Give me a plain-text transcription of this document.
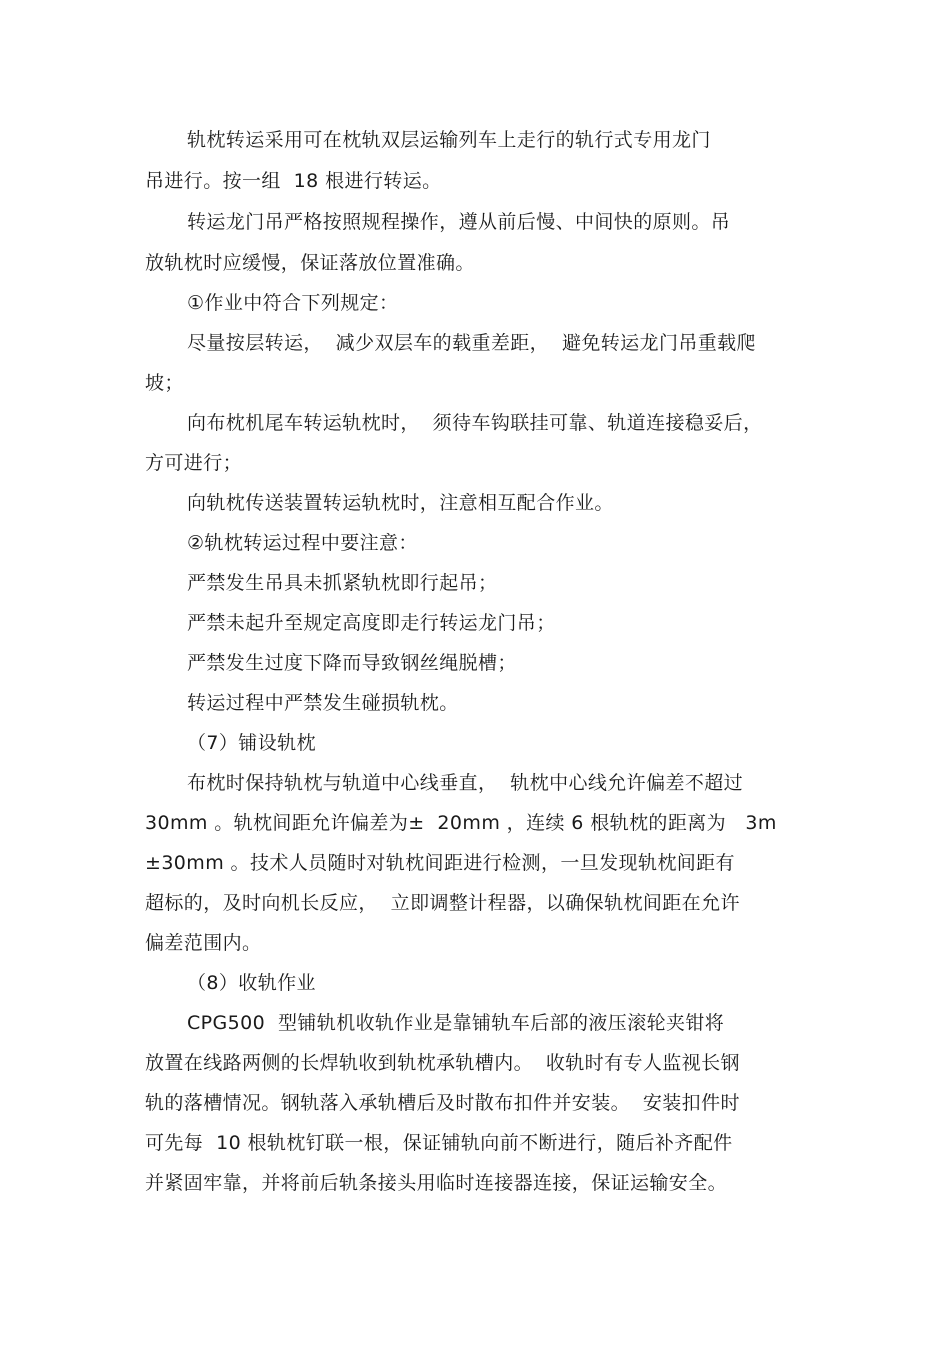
轨枕转运采用可在枕轨双层运输列车上走行的轨行式专用龙门
吊进行。按一组  18 根进行转运。
转运龙门吊严格按照规程操作，遵从前后慢、中间快的原则。吊
放轨枕时应缓慢，保证落放位置准确。
①作业中符合下列规定：
尽量按层转运，  减少双层车的载重差距，  避免转运龙门吊重载爬
坡；
向布枕机尾车转运轨枕时，  须待车钩联挂可靠、轨道连接稳妥后，
方可进行；
向轨枕传送装置转运轨枕时，注意相互配合作业。
②轨枕转运过程中要注意：
严禁发生吊具未抓紧轨枕即行起吊；
严禁未起升至规定高度即走行转运龙门吊；
严禁发生过度下降而导致钢丝绳脱槽；
转运过程中严禁发生碰损轨枕。
（7）铺设轨枕
布枕时保持轨枕与轨道中心线垂直，  轨枕中心线允许偏差不超过
30mm 。轨枕间距允许偏差为±  20mm ，连续 6 根轨枕的距离为   3m
±30mm 。技术人员随时对轨枕间距进行检测，一旦发现轨枕间距有
超标的，及时向机长反应，  立即调整计程器，以确保轨枕间距在允许
偏差范围内。
（8）收轨作业
CPG500  型铺轨机收轨作业是靠铺轨车后部的液压滚轮夹钳将
放置在线路两侧的长焊轨收到轨枕承轨槽内。  收轨时有专人监视长钢
轨的落槽情况。钢轨落入承轨槽后及时散布扣件并安装。  安装扣件时
可先每  10 根轨枕钉联一根，保证铺轨向前不断进行，随后补齐配件
并紧固牢靠，并将前后轨条接头用临时连接器连接，保证运输安全。
